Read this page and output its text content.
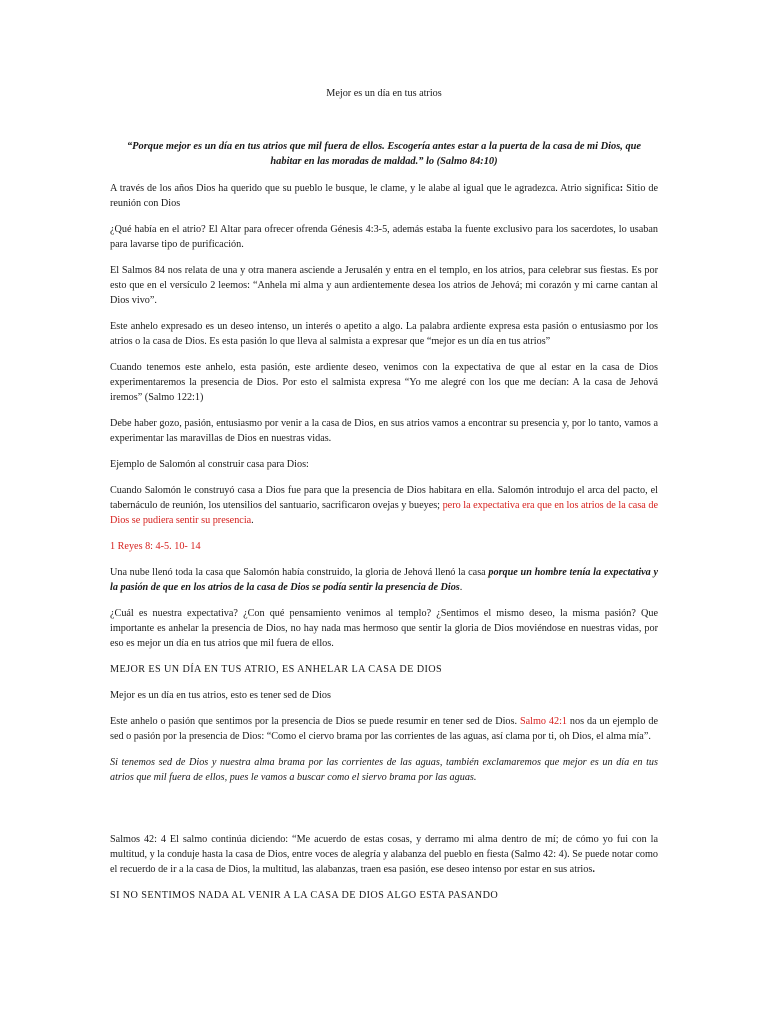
Mejor es un día en tus atrios
“Porque mejor es un día en tus atrios que mil fuera de ellos. Escogería antes estar a la puerta de la casa de mi Dios, que
habitar en las moradas de maldad.” lo (Salmo 84:10)

A través de los años Dios ha querido que su pueblo le busque, le clame, y le alabe al igual que le agradezca. Atrio significa: Sitio de reunión con Dios

¿Qué había en el atrio? El Altar para ofrecer ofrenda Génesis 4:3-5, además estaba la fuente exclusivo para los sacerdotes, lo usaban para lavarse tipo de purificación.

El Salmos 84 nos relata de una y otra manera asciende a Jerusalén y entra en el templo, en los atrios, para celebrar sus fiestas. Es por esto que en el versículo 2 leemos: “Anhela mi alma y aun ardientemente desea los atrios de Jehová; mi corazón y mi carne cantan al Dios vivo”.

Este anhelo expresado es un deseo intenso, un interés o apetito a algo. La palabra ardiente expresa esta pasión o entusiasmo por los atrios o la casa de Dios. Es esta pasión lo que lleva al salmista a expresar que “mejor es un día en tus atrios”

Cuando tenemos este anhelo, esta pasión, este ardiente deseo, venimos con la expectativa de que al estar en la casa de Dios experimentaremos la presencia de Dios. Por esto el salmista expresa “Yo me alegré con los que me decían: A la casa de Jehová iremos” (Salmo 122:1)

Debe haber gozo, pasión, entusiasmo por venir a la casa de Dios, en sus atrios vamos a encontrar su presencia y, por lo tanto, vamos a experimentar las maravillas de Dios en nuestras vidas.

Ejemplo de Salomón al construir casa para Dios:

Cuando Salomón le construyó casa a Dios fue para que la presencia de Dios habitara en ella. Salomón introdujo el arca del pacto, el tabernáculo de reunión, los utensilios del santuario, sacrificaron ovejas y bueyes; pero la expectativa era que en los atrios de la casa de Dios se pudiera sentir su presencia.

1 Reyes 8: 4-5. 10- 14

Una nube llenó toda la casa que Salomón había construido, la gloria de Jehová llenó la casa porque un hombre tenía la expectativa y la pasión de que en los atrios de la casa de Dios se podía sentir la presencia de Dios.

¿Cuál es nuestra expectativa? ¿Con qué pensamiento venimos al templo? ¿Sentimos el mismo deseo, la misma pasión? Que importante es anhelar la presencia de Dios, no hay nada mas hermoso que sentir la gloria de Dios moviéndose en nuestras vidas, por eso es mejor un día en tus atrios que mil fuera de ellos.

MEJOR ES UN DÍA EN TUS ATRIO, ES ANHELAR LA CASA DE DIOS

Mejor es un día en tus atrios, esto es tener sed de Dios

Este anhelo o pasión que sentimos por la presencia de Dios se puede resumir en tener sed de Dios. Salmo 42:1 nos da un ejemplo de sed o pasión por la presencia de Dios: “Como el ciervo brama por las corrientes de las aguas, así clama por ti, oh Dios, el alma mía”.

Si tenemos sed de Dios y nuestra alma brama por las corrientes de las aguas, también exclamaremos que mejor es un día en tus atrios que mil fuera de ellos, pues le vamos a buscar como el siervo brama por las aguas.

Salmos 42: 4 El salmo continúa diciendo: “Me acuerdo de estas cosas, y derramo mi alma dentro de mí; de cómo yo fui con la multitud, y la conduje hasta la casa de Dios, entre voces de alegría y alabanza del pueblo en fiesta (Salmo 42: 4). Se puede notar como el recuerdo de ir a la casa de Dios, la multitud, las alabanzas, traen esa pasión, ese deseo intenso por estar en sus atrios.

SI NO SENTIMOS NADA AL VENIR A LA CASA DE DIOS ALGO ESTA PASANDO
